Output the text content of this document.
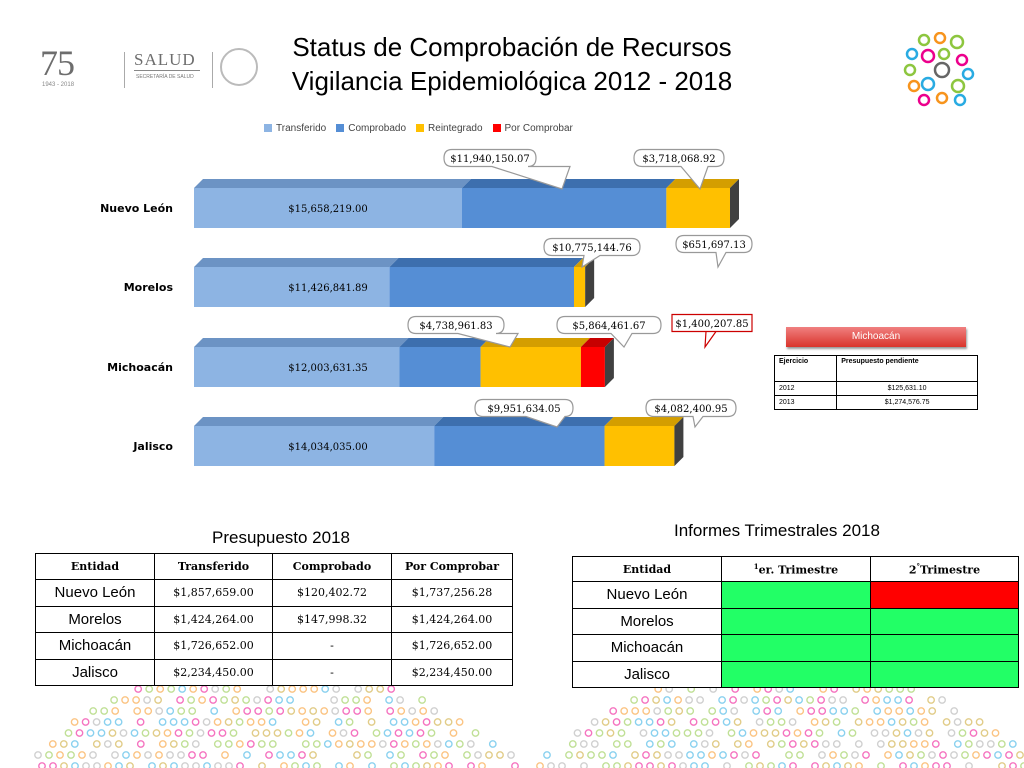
75
1943 - 2018
SALUD
SECRETARÍA DE SALUD
Status de Comprobación de Recursos
Vigilancia Epidemiológica 2012 - 2018
Transferido Comprobado Reintegrado Por Comprobar
Nuevo León	$15,658,219.00
Morelos	$11,426,841.89
Michoacán	$12,003,631.35
Jalisco	$14,034,035.00
$11,940,150.07	$3,718,068.92
$10,775,144.76	$651,697.13
$4,738,961.83	$5,864,461.67	$1,400,207.85
$9,951,634.05	$4,082,400.95
Michoacán
Ejercicio	Presupuesto pendiente
2012	$125,631.10
2013	$1,274,576.75
Presupuesto 2018
Entidad	Transferido	Comprobado	Por Comprobar
Nuevo León	$1,857,659.00	$120,402.72	$1,737,256.28
Morelos	$1,424,264.00	$147,998.32	$1,424,264.00
Michoacán	$1,726,652.00	-	$1,726,652.00
Jalisco	$2,234,450.00	-	$2,234,450.00
Informes Trimestrales 2018
Entidad	$^1$er. Trimestre	2°Trimestre
Nuevo León		
Morelos		
Michoacán		
Jalisco		
